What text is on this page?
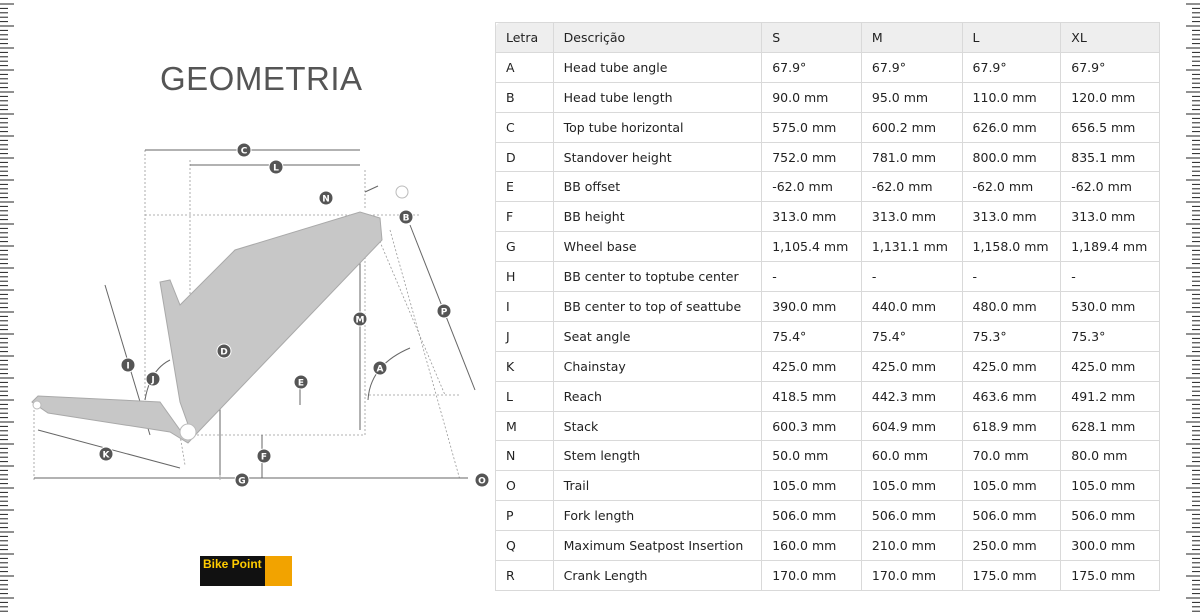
GEOMETRIA
C
L
N
B
P
M
D
I
J
A
E
F
K
G	O
Bike Point
Letra	Descrição	S	M	L	XL
A	Head tube angle	67.9°	67.9°	67.9°	67.9°
B	Head tube length	90.0 mm	95.0 mm	110.0 mm	120.0 mm
C	Top tube horizontal	575.0 mm	600.2 mm	626.0 mm	656.5 mm
D	Standover height	752.0 mm	781.0 mm	800.0 mm	835.1 mm
E	BB offset	-62.0 mm	-62.0 mm	-62.0 mm	-62.0 mm
F	BB height	313.0 mm	313.0 mm	313.0 mm	313.0 mm
G	Wheel base	1,105.4 mm	1,131.1 mm	1,158.0 mm	1,189.4 mm
H	BB center to toptube center	-	-	-	-
I	BB center to top of seattube	390.0 mm	440.0 mm	480.0 mm	530.0 mm
J	Seat angle	75.4°	75.4°	75.3°	75.3°
K	Chainstay	425.0 mm	425.0 mm	425.0 mm	425.0 mm
L	Reach	418.5 mm	442.3 mm	463.6 mm	491.2 mm
M	Stack	600.3 mm	604.9 mm	618.9 mm	628.1 mm
N	Stem length	50.0 mm	60.0 mm	70.0 mm	80.0 mm
O	Trail	105.0 mm	105.0 mm	105.0 mm	105.0 mm
P	Fork length	506.0 mm	506.0 mm	506.0 mm	506.0 mm
Q	Maximum Seatpost Insertion	160.0 mm	210.0 mm	250.0 mm	300.0 mm
R	Crank Length	170.0 mm	170.0 mm	175.0 mm	175.0 mm
